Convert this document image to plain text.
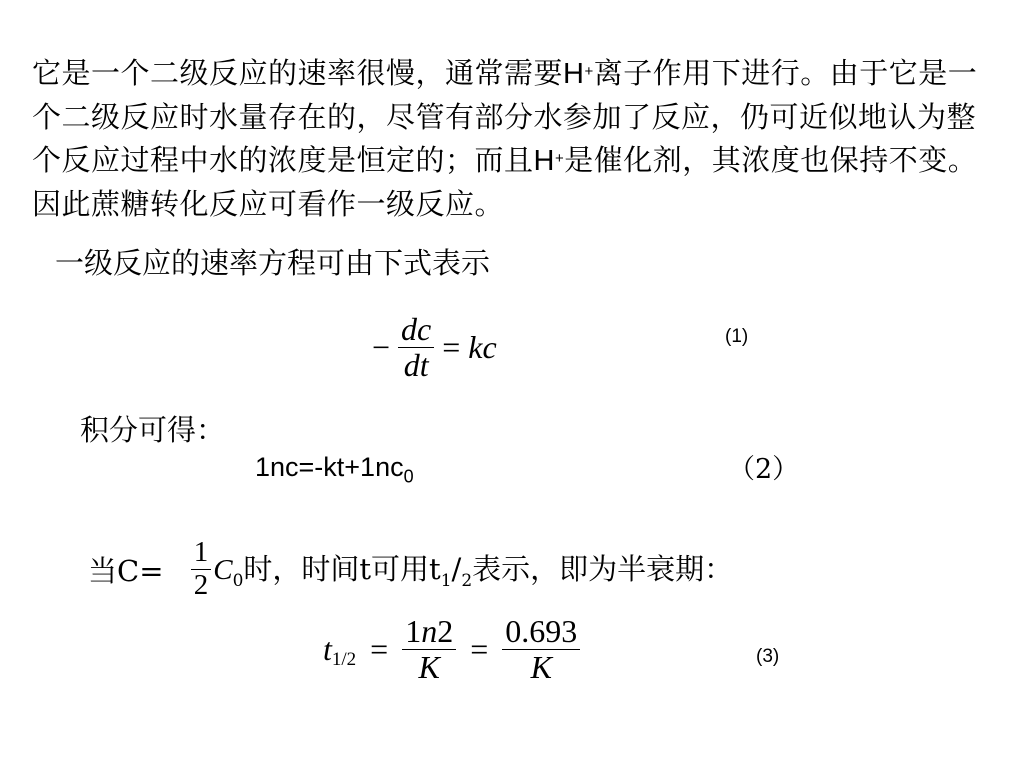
它是一个二级反应的速率很慢，通常需要H+离子作用下进行。由于它是一个二级反应时水量存在的，尽管有部分水参加了反应，仍可近似地认为整个反应过程中水的浓度是恒定的；而且H+是催化剂，其浓度也保持不变。因此蔗糖转化反应可看作一级反应。
一级反应的速率方程可由下式表示
− $\frac{dc}{dt}$ = kc	(1)
积分可得：
$1nc=-kt+1nc_0$	（2）
当$C= \frac{1}{2} C_0$时，时间t可用$t_1/_2$表示，即为半衰期：
$t_{1/2} = \frac{1n2}{K} = \frac{0.693}{K}$	(3)
